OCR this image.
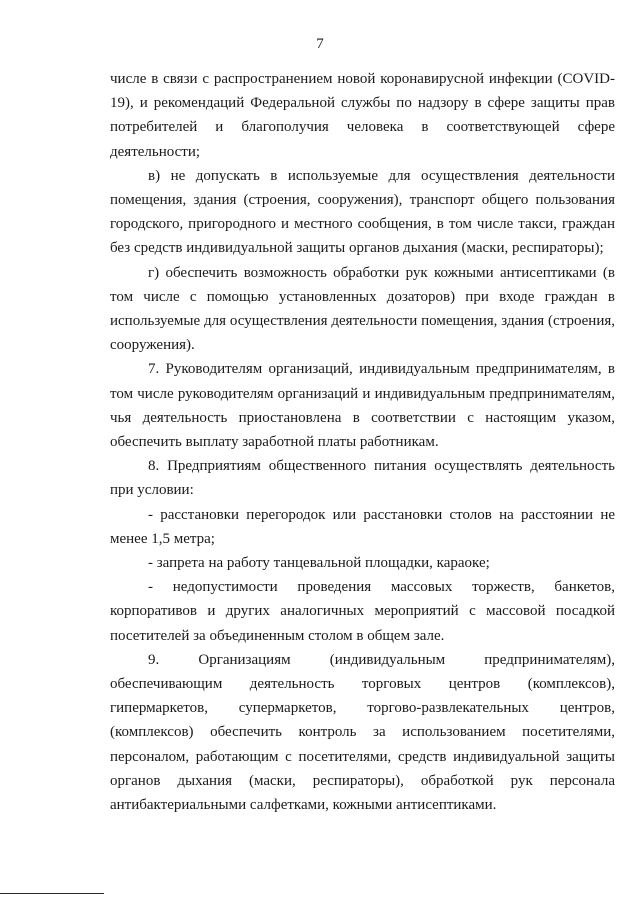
7

числе в связи с распространением новой коронавирусной инфекции (COVID-19), и рекомендаций Федеральной службы по надзору в сфере защиты прав потребителей и благополучия человека в соответствующей сфере деятельности;

в) не допускать в используемые для осуществления деятельности помещения, здания (строения, сооружения), транспорт общего пользования городского, пригородного и местного сообщения, в том числе такси, граждан без средств индивидуальной защиты органов дыхания (маски, респираторы);

г) обеспечить возможность обработки рук кожными антисептиками (в том числе с помощью установленных дозаторов) при входе граждан в используемые для осуществления деятельности помещения, здания (строения, сооружения).

7. Руководителям организаций, индивидуальным предпринимателям, в том числе руководителям организаций и индивидуальным предпринимателям, чья деятельность приостановлена в соответствии с настоящим указом, обеспечить выплату заработной платы работникам.

8. Предприятиям общественного питания осуществлять деятельность при условии:

- расстановки перегородок или расстановки столов на расстоянии не менее 1,5 метра;

- запрета на работу танцевальной площадки, караоке;

- недопустимости проведения массовых торжеств, банкетов, корпоративов и других аналогичных мероприятий с массовой посадкой посетителей за объединенным столом в общем зале.

9. Организациям (индивидуальным предпринимателям), обеспечивающим деятельность торговых центров (комплексов), гипермаркетов, супермаркетов, торгово-развлекательных центров, (комплексов) обеспечить контроль за использованием посетителями, персоналом, работающим с посетителями, средств индивидуальной защиты органов дыхания (маски, респираторы), обработкой рук персонала антибактериальными салфетками, кожными антисептиками.
